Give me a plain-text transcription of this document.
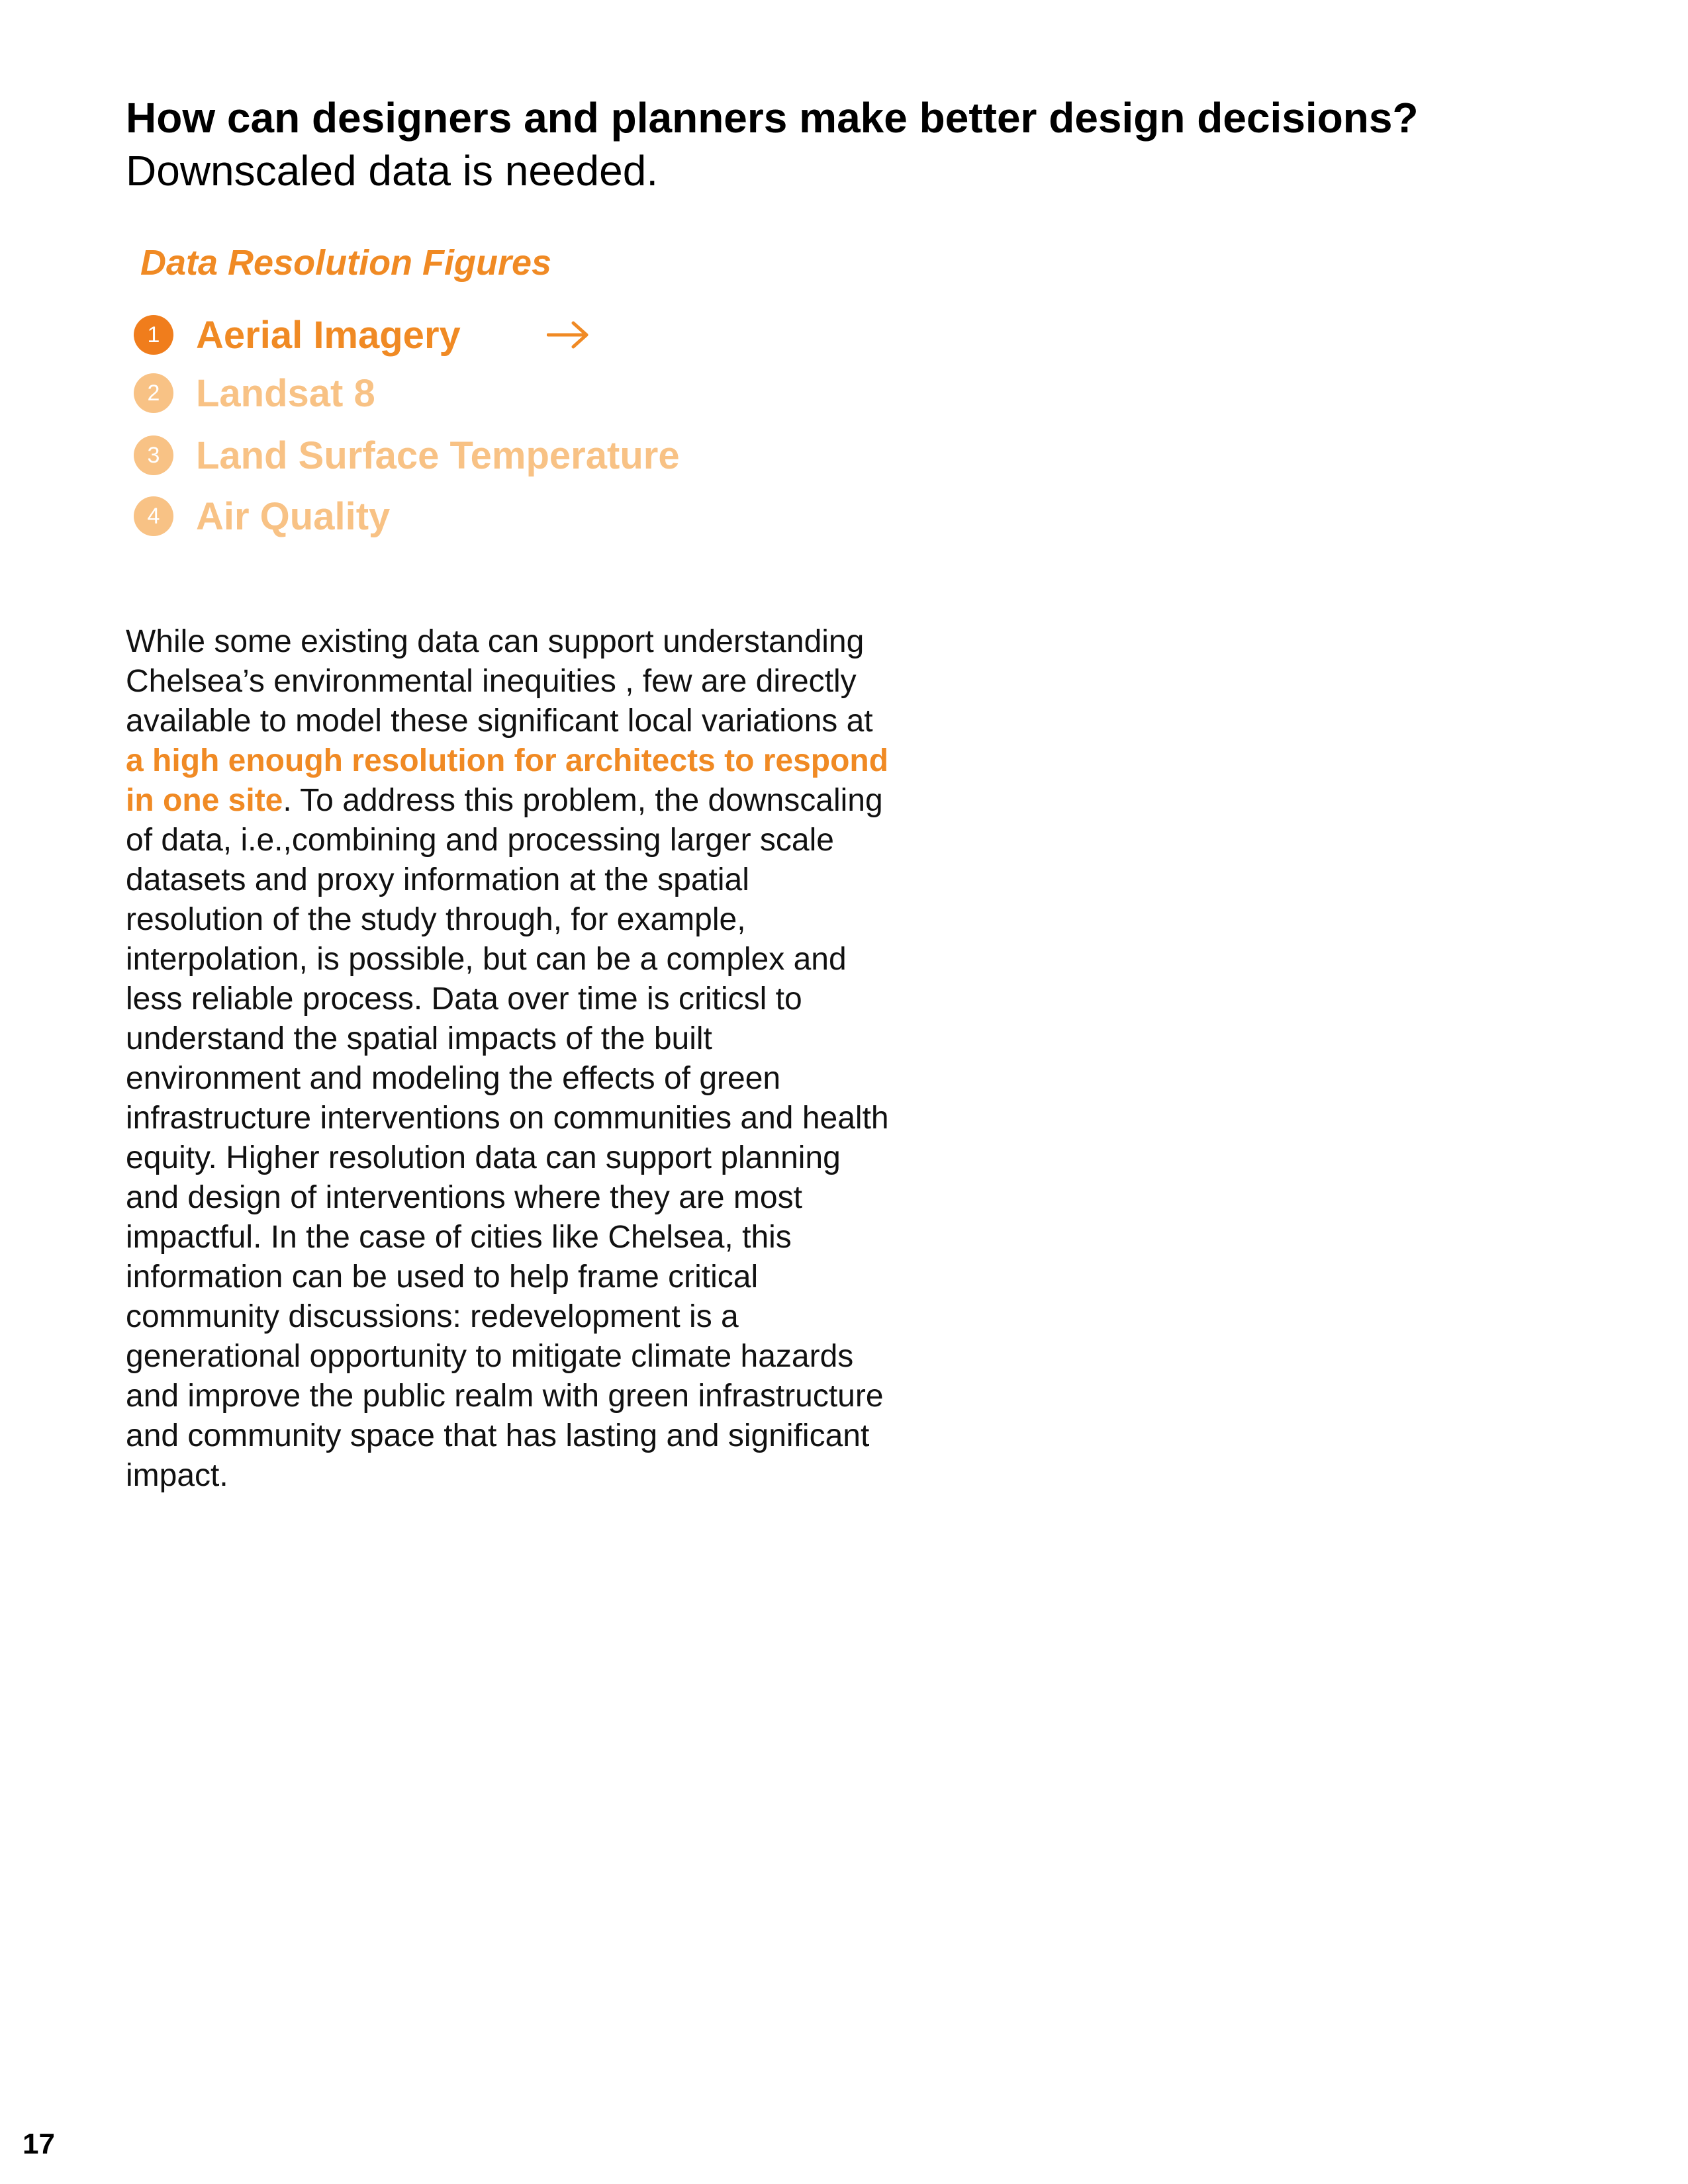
How can designers and planners make better design decisions?
Downscaled data is needed.
Data Resolution Figures
1 Aerial Imagery
2 Landsat 8
3 Land Surface Temperature
4 Air Quality

While some existing data can support understanding Chelsea’s environmental inequities , few are directly available to model these significant local variations at a high enough resolution for architects to respond in one site. To address this problem, the downscaling of data, i.e.,combining and processing larger scale datasets and proxy information at the spatial resolution of the study through, for example, interpolation, is possible, but can be a complex and less reliable process. Data over time is criticsl to understand the spatial impacts of the built environment and modeling the effects of green infrastructure interventions on communities and health equity. Higher resolution data can support planning and design of interventions where they are most impactful. In the case of cities like Chelsea, this information can be used to help frame critical community discussions: redevelopment is a generational opportunity to mitigate climate hazards and improve the public realm with green infrastructure and community space that has lasting and significant impact.

17
